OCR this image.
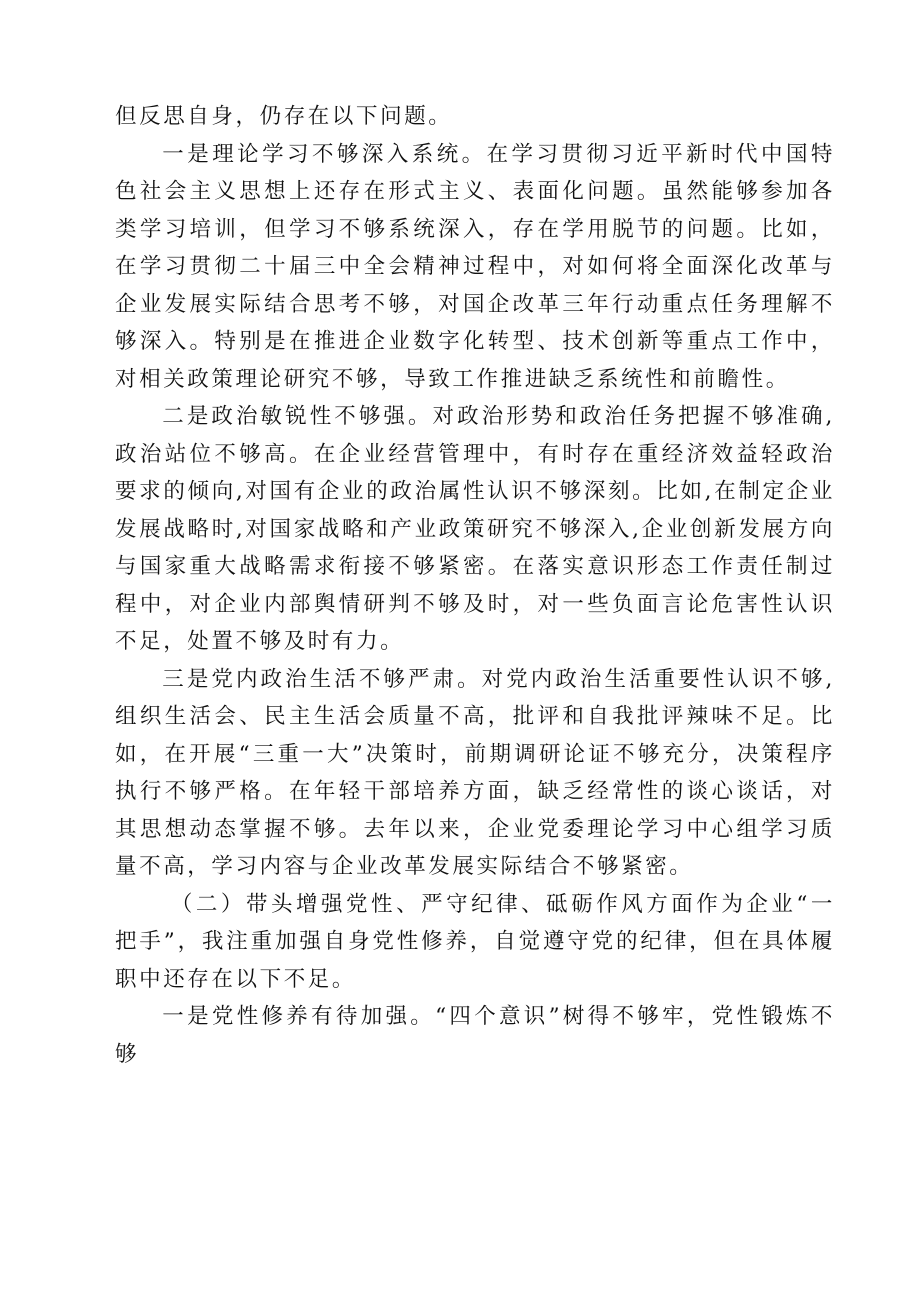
但反思自身，仍存在以下问题。

一是理论学习不够深入系统。在学习贯彻习近平新时代中国特色社会主义思想上还存在形式主义、表面化问题。虽然能够参加各类学习培训，但学习不够系统深入，存在学用脱节的问题。比如，在学习贯彻二十届三中全会精神过程中，对如何将全面深化改革与企业发展实际结合思考不够，对国企改革三年行动重点任务理解不够深入。特别是在推进企业数字化转型、技术创新等重点工作中，对相关政策理论研究不够，导致工作推进缺乏系统性和前瞻性。

二是政治敏锐性不够强。对政治形势和政治任务把握不够准确,政治站位不够高。在企业经营管理中，有时存在重经济效益轻政治要求的倾向,对国有企业的政治属性认识不够深刻。比如,在制定企业发展战略时,对国家战略和产业政策研究不够深入,企业创新发展方向与国家重大战略需求衔接不够紧密。在落实意识形态工作责任制过程中，对企业内部舆情研判不够及时，对一些负面言论危害性认识不足，处置不够及时有力。

三是党内政治生活不够严肃。对党内政治生活重要性认识不够,组织生活会、民主生活会质量不高，批评和自我批评辣味不足。比如，在开展“三重一大”决策时，前期调研论证不够充分，决策程序执行不够严格。在年轻干部培养方面，缺乏经常性的谈心谈话，对其思想动态掌握不够。去年以来，企业党委理论学习中心组学习质量不高，学习内容与企业改革发展实际结合不够紧密。

（二）带头增强党性、严守纪律、砥砺作风方面作为企业“一把手”，我注重加强自身党性修养，自觉遵守党的纪律，但在具体履职中还存在以下不足。

一是党性修养有待加强。“四个意识”树得不够牢，党性锻炼不够
